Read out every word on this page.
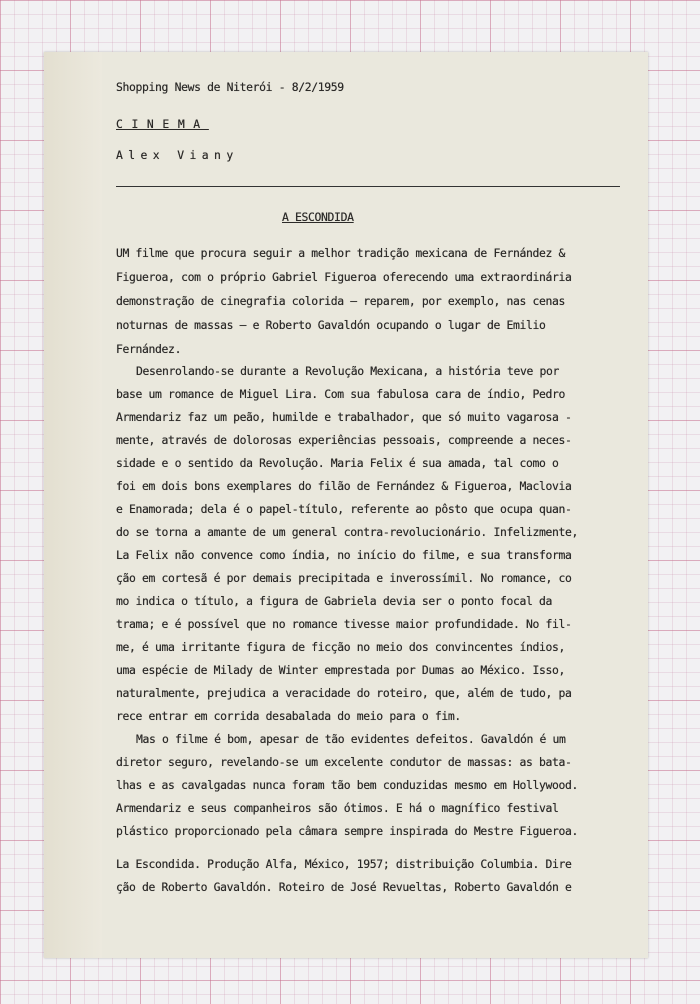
Shopping News de Niterói - 8/2/1959
CINEMA
Alex Viany
A ESCONDIDA
UM filme que procura seguir a melhor tradição mexicana de Fernández &
Figueroa, com o próprio Gabriel Figueroa oferecendo uma extraordinária
demonstração de cinegrafia colorida — reparem, por exemplo, nas cenas
noturnas de massas — e Roberto Gavaldón ocupando o lugar de Emilio
Fernández.
Desenrolando-se durante a Revolução Mexicana, a história teve por
base um romance de Miguel Lira. Com sua fabulosa cara de índio, Pedro
Armendariz faz um peão, humilde e trabalhador, que só muito vagarosa -
mente, através de dolorosas experiências pessoais, compreende a neces-
sidade e o sentido da Revolução. Maria Felix é sua amada, tal como o
foi em dois bons exemplares do filão de Fernández & Figueroa, Maclovia
e Enamorada; dela é o papel-título, referente ao pôsto que ocupa quan-
do se torna a amante de um general contra-revolucionário. Infelizmente,
La Felix não convence como índia, no início do filme, e sua transforma
ção em cortesã é por demais precipitada e inverossímil. No romance, co
mo indica o título, a figura de Gabriela devia ser o ponto focal da
trama; e é possível que no romance tivesse maior profundidade. No fil-
me, é uma irritante figura de ficção no meio dos convincentes índios,
uma espécie de Milady de Winter emprestada por Dumas ao México. Isso,
naturalmente, prejudica a veracidade do roteiro, que, além de tudo, pa
rece entrar em corrida desabalada do meio para o fim.
Mas o filme é bom, apesar de tão evidentes defeitos. Gavaldón é um
diretor seguro, revelando-se um excelente condutor de massas: as bata-
lhas e as cavalgadas nunca foram tão bem conduzidas mesmo em Hollywood.
Armendariz e seus companheiros são ótimos. E há o magnífico festival
plástico proporcionado pela câmara sempre inspirada do Mestre Figueroa.
La Escondida. Produção Alfa, México, 1957; distribuição Columbia. Dire
ção de Roberto Gavaldón. Roteiro de José Revueltas, Roberto Gavaldón e
